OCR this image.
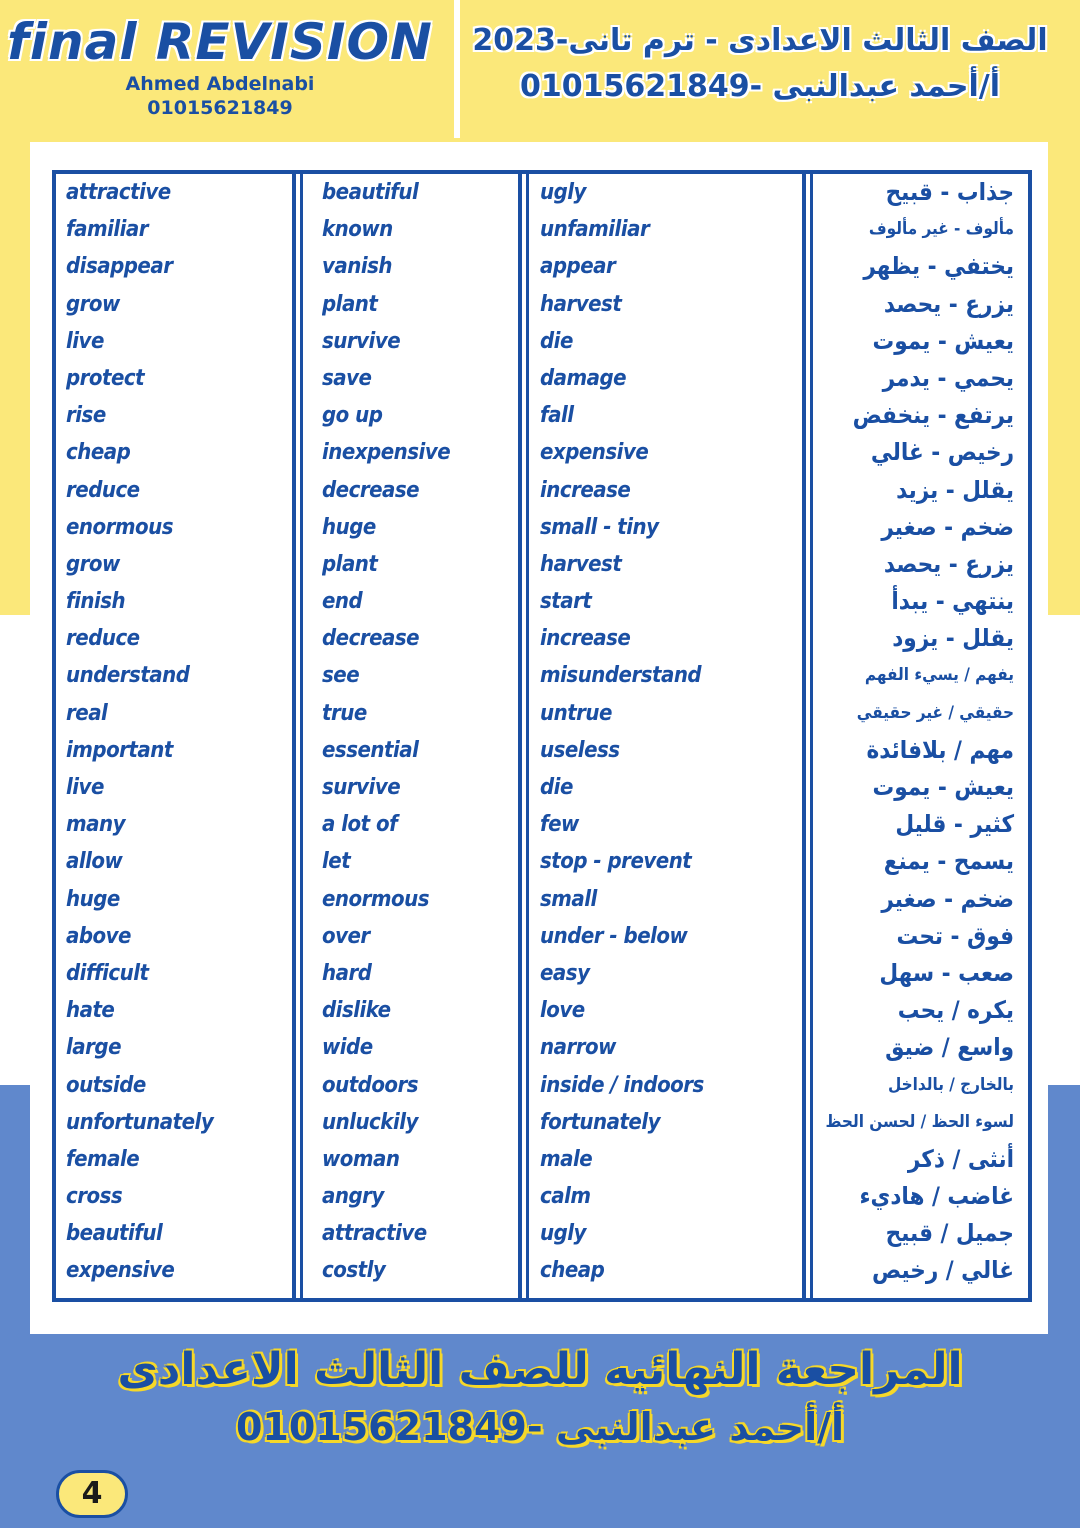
final REVISION
Ahmed Abdelnabi
01015621849
الصف الثالث الاعدادى - ترم تانى-2023
أ/أحمد عبدالنبى -01015621849
attractive
familiar
disappear
grow
live
protect
rise
cheap
reduce
enormous
grow
finish
reduce
understand
real
important
live
many
allow
huge
above
difficult
hate
large
outside
unfortunately
female
cross
beautiful
expensive
beautiful
known
vanish
plant
survive
save
go up
inexpensive
decrease
huge
plant
end
decrease
see
true
essential
survive
a lot of
let
enormous
over
hard
dislike
wide
outdoors
unluckily
woman
angry
attractive
costly
ugly
unfamiliar
appear
harvest
die
damage
fall
expensive
increase
small - tiny
harvest
start
increase
misunderstand
untrue
useless
die
few
stop - prevent
small
under - below
easy
love
narrow
inside / indoors
fortunately
male
calm
ugly
cheap
جذاب - قبيح
مألوف - غير مألوف
يختفي - يظهر
يزرع - يحصد
يعيش - يموت
يحمي - يدمر
يرتفع - ينخفض
رخيص - غالي
يقلل - يزيد
ضخم - صغير
يزرع - يحصد
ينتهي - يبدأ
يقلل - يزود
يفهم / يسيء الفهم
حقيقي / غير حقيقي
مهم / بلافائدة
يعيش - يموت
كثير - قليل
يسمح - يمنع
ضخم - صغير
فوق - تحت
صعب - سهل
يكره / يحب
واسع / ضيق
بالخارج / بالداخل
لسوء الحظ / لحسن الحظ
أنثى / ذكر
غاضب / هاديء
جميل / قبيح
غالي / رخيص
المراجعة النهائيه للصف الثالث الاعدادى
أ/أحمد عبدالنبى -01015621849
4
